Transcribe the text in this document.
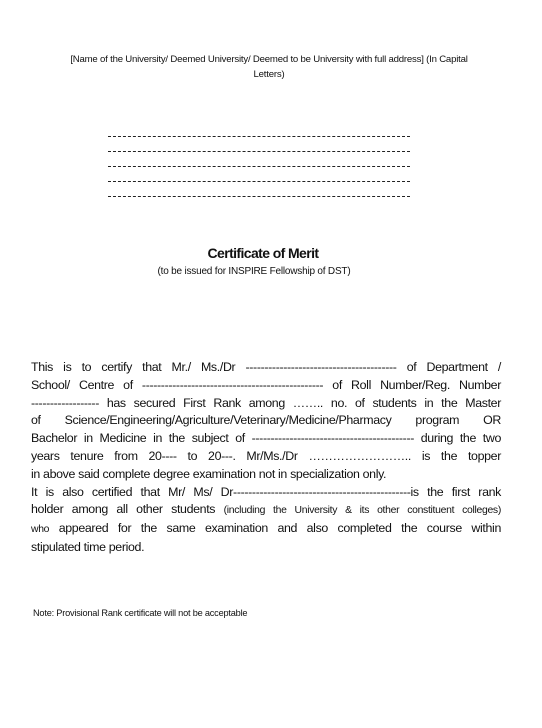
[Name of the University/ Deemed University/ Deemed to be University with full address] (In Capital
Letters)
Certificate of Merit
(to be issued for INSPIRE Fellowship of DST)

This is to certify that Mr./ Ms./Dr ---------------------------------------- of Department /

School/ Centre of ------------------------------------------------ of Roll Number/Reg. Number

------------------ has secured First Rank among …….. no. of students in the Master

of Science/Engineering/Agriculture/Veterinary/Medicine/Pharmacy program OR

Bachelor in Medicine in the subject of ------------------------------------------- during the two

years tenure from 20---- to 20---. Mr/Ms./Dr …………………….. is the topper

in above said complete degree examination not in specialization only.

It is also certified that Mr/ Ms/ Dr-----------------------------------------------is the first rank

holder among all other students (including the University & its other constituent colleges)

who appeared for the same examination and also completed the course within

stipulated time period.

Note: Provisional Rank certificate will not be acceptable
